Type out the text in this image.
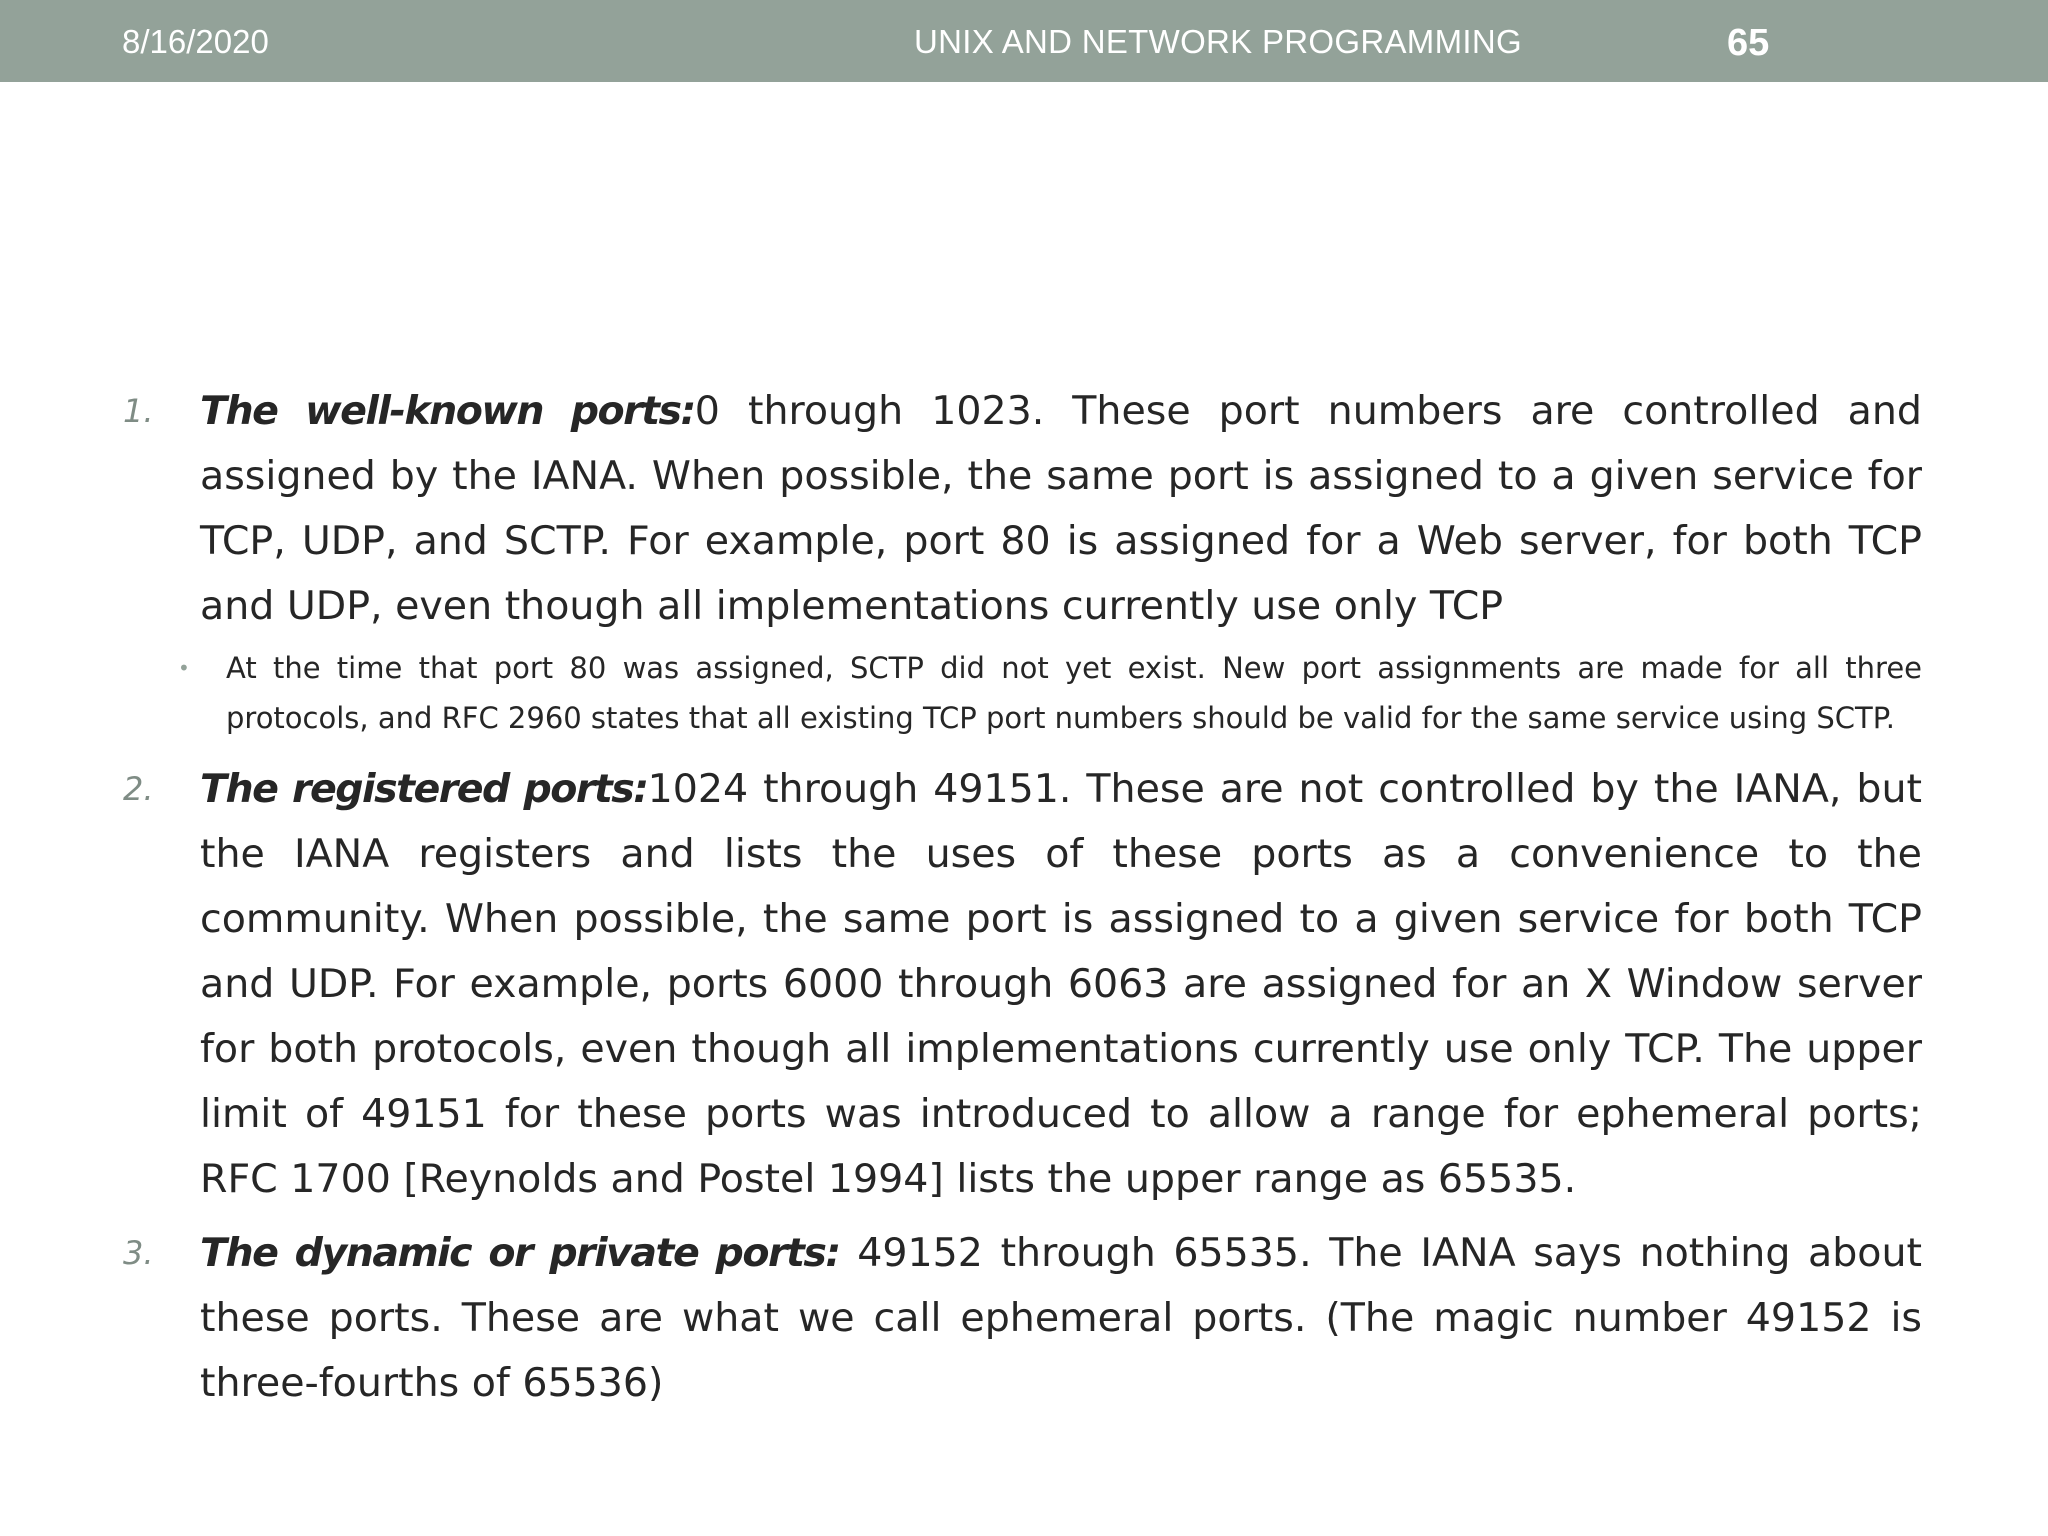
8/16/2020	UNIX AND NETWORK PROGRAMMING	65
1. The well-known ports:0 through 1023. These port numbers are controlled and assigned by the IANA. When possible, the same port is assigned to a given service for TCP, UDP, and SCTP. For example, port 80 is assigned for a Web server, for both TCP and UDP, even though all implementations currently use only TCP
• At the time that port 80 was assigned, SCTP did not yet exist. New port assignments are made for all three protocols, and RFC 2960 states that all existing TCP port numbers should be valid for the same service using SCTP.
2. The registered ports:1024 through 49151. These are not controlled by the IANA, but the IANA registers and lists the uses of these ports as a convenience to the community. When possible, the same port is assigned to a given service for both TCP and UDP. For example, ports 6000 through 6063 are assigned for an X Window server for both protocols, even though all implementations currently use only TCP. The upper limit of 49151 for these ports was introduced to allow a range for ephemeral ports; RFC 1700 [Reynolds and Postel 1994] lists the upper range as 65535.
3. The dynamic or private ports: 49152 through 65535. The IANA says nothing about these ports. These are what we call ephemeral ports. (The magic number 49152 is three-fourths of 65536)
